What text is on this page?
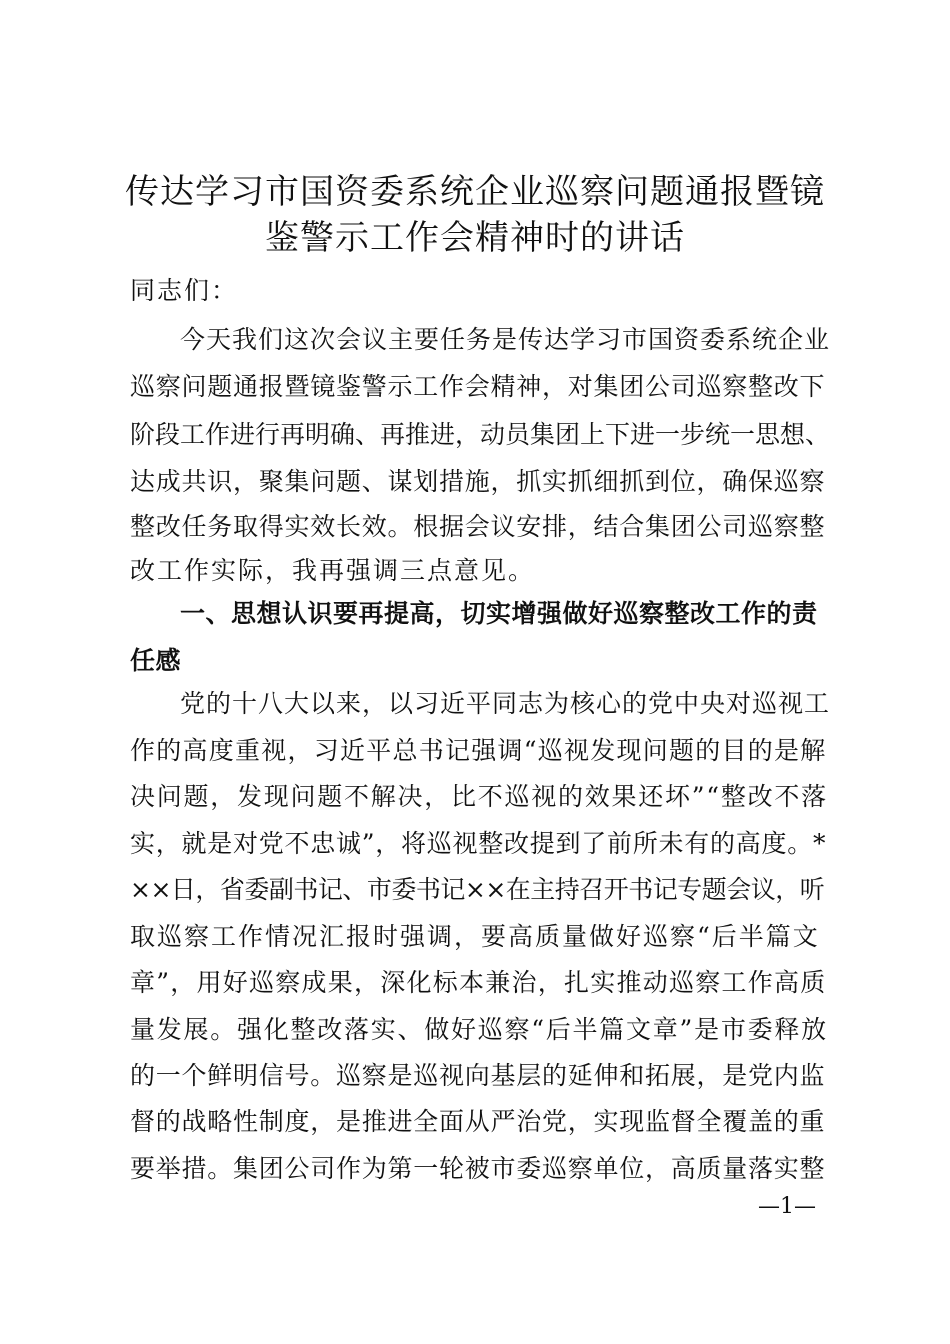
传达学习市国资委系统企业巡察问题通报暨镜
鉴警示工作会精神时的讲话
同志们：
今天我们这次会议主要任务是传达学习市国资委系统企业
巡察问题通报暨镜鉴警示工作会精神，对集团公司巡察整改下
阶段工作进行再明确、再推进，动员集团上下进一步统一思想、
达成共识，聚集问题、谋划措施，抓实抓细抓到位，确保巡察
整改任务取得实效长效。根据会议安排，结合集团公司巡察整
改工作实际，我再强调三点意见。
一、思想认识要再提高，切实增强做好巡察整改工作的责
任感
党的十八大以来，以习近平同志为核心的党中央对巡视工
作的高度重视，习近平总书记强调“巡视发现问题的目的是解
决问题，发现问题不解决，比不巡视的效果还坏”“整改不落
实，就是对党不忠诚”，将巡视整改提到了前所未有的高度。*
××日，省委副书记、市委书记××在主持召开书记专题会议，听
取巡察工作情况汇报时强调，要高质量做好巡察“后半篇文
章”，用好巡察成果，深化标本兼治，扎实推动巡察工作高质
量发展。强化整改落实、做好巡察“后半篇文章”是市委释放
的一个鲜明信号。巡察是巡视向基层的延伸和拓展，是党内监
督的战略性制度，是推进全面从严治党，实现监督全覆盖的重
要举措。集团公司作为第一轮被市委巡察单位，高质量落实整
—1—
